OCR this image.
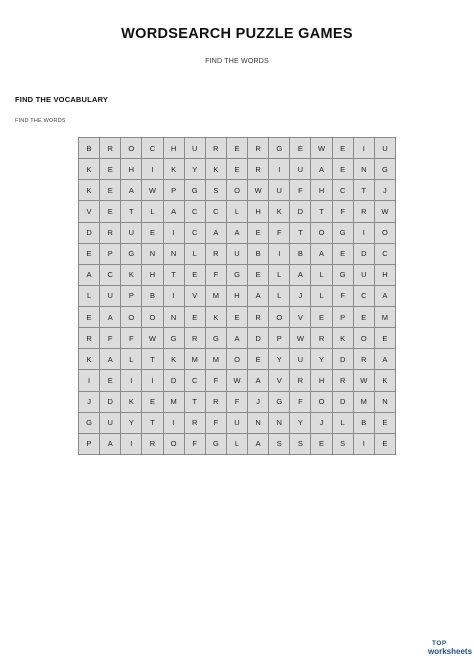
WORDSEARCH PUZZLE GAMES
FIND THE WORDS
FIND THE VOCABULARY
FIND THE WORDS
B	R	O	C	H	U	R	E	R	G	E	W	E	I	U
K	E	H	I	K	Y	K	E	R	I	U	A	E	N	G
K	E	A	W	P	G	S	O	W	U	F	H	C	T	J
V	E	T	L	A	C	C	L	H	K	D	T	F	R	W
D	R	U	E	I	C	A	A	E	F	T	O	G	I	O
E	P	G	N	N	L	R	U	B	I	B	A	E	D	C
A	C	K	H	T	E	F	G	E	L	A	L	G	U	H
L	U	P	B	I	V	M	H	A	L	J	L	F	C	A
E	A	O	O	N	E	K	E	R	O	V	E	P	E	M
R	F	F	W	G	R	G	A	D	P	W	R	K	O	E
K	A	L	T	K	M	M	O	E	Y	U	Y	D	R	A
I	E	I	I	D	C	F	W	A	V	R	H	R	W	K
J	D	K	E	M	T	R	F	J	G	F	O	D	M	N
G	U	Y	T	I	R	F	U	N	N	Y	J	L	B	E
P	A	I	R	O	F	G	L	A	S	S	E	S	I	E
TOP
worksheets
